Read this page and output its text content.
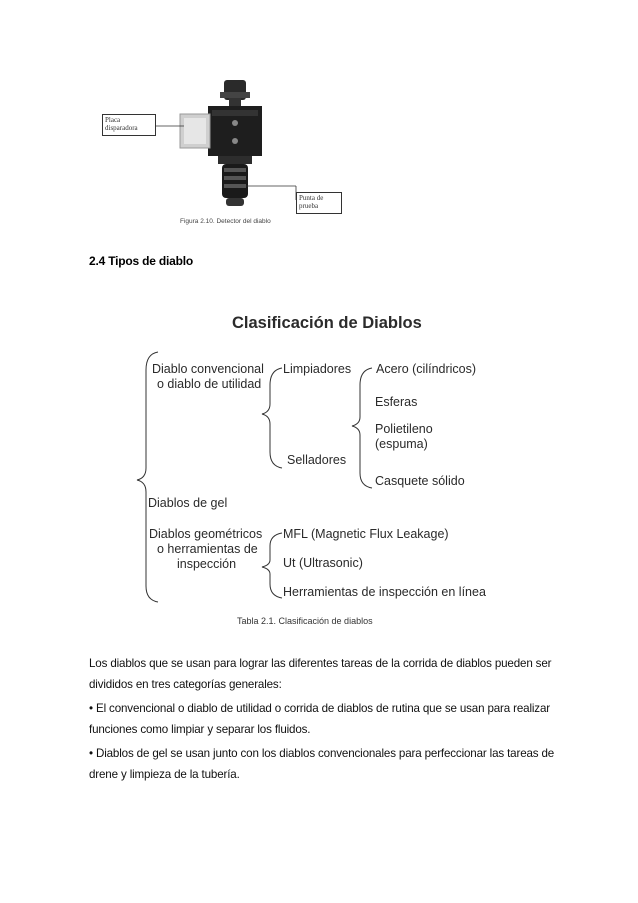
Placa
disparadora
Punta de
prueba
Figura 2.10. Detector del diablo
2.4 Tipos de diablo
Clasificación de Diablos
Diablo convencional
o diablo de utilidad
Limpiadores
Selladores
Acero (cilíndricos)
Esferas
Polietileno
(espuma)
Casquete sólido
Diablos de gel
Diablos geométricos
o herramientas de
inspección
MFL (Magnetic Flux Leakage)
Ut (Ultrasonic)
Herramientas de inspección en línea
Tabla 2.1. Clasificación de diablos
Los diablos que se usan para lograr las diferentes tareas de la corrida de diablos pueden ser divididos en tres categorías generales:
• El convencional o diablo de utilidad o corrida de diablos de rutina que se usan para realizar funciones como limpiar y separar los fluidos.
• Diablos de gel se usan junto con los diablos convencionales para perfeccionar las tareas de drene y limpieza de la tubería.
